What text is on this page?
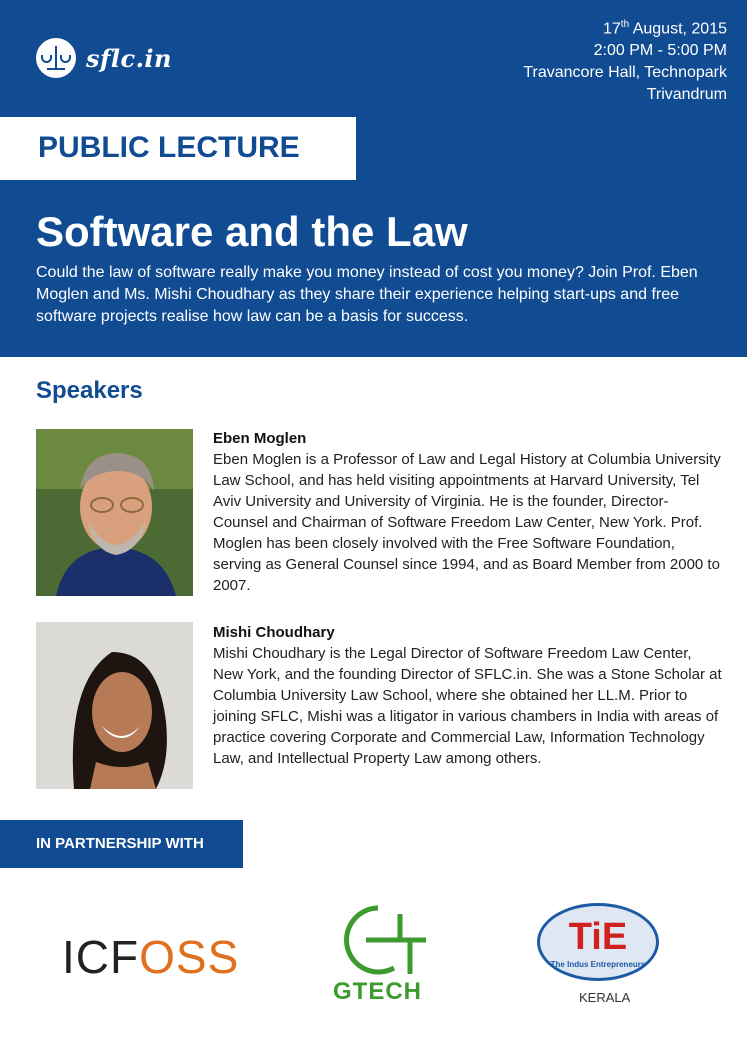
sflc.in
17th August, 2015
2:00 PM - 5:00 PM
Travancore Hall, Technopark
Trivandrum
PUBLIC LECTURE
Software and the Law
Could the law of software really make you money instead of cost you money? Join Prof. Eben Moglen and Ms. Mishi Choudhary as they share their experience helping start-ups and free software projects realise how law can be a basis for success.
Speakers
Eben Moglen
Eben Moglen is a Professor of Law and Legal History at Columbia University Law School, and has held visiting appointments at Harvard University, Tel Aviv University and University of Virginia. He is the founder, Director-Counsel and Chairman of Software Freedom Law Center, New York. Prof. Moglen has been closely involved with the Free Software Foundation, serving as General Counsel since 1994, and as Board Member from 2000 to 2007.
Mishi Choudhary
Mishi Choudhary is the Legal Director of Software Freedom Law Center, New York, and the founding Director of SFLC.in. She was a Stone Scholar at Columbia University Law School, where she obtained her LL.M. Prior to joining SFLC, Mishi was a litigator in various chambers in India with areas of practice covering Corporate and Commercial Law, Information Technology Law, and Intellectual Property Law among others.
IN PARTNERSHIP WITH
ICFOSS
GTECH
TiE
The Indus Entrepreneurs
KERALA
